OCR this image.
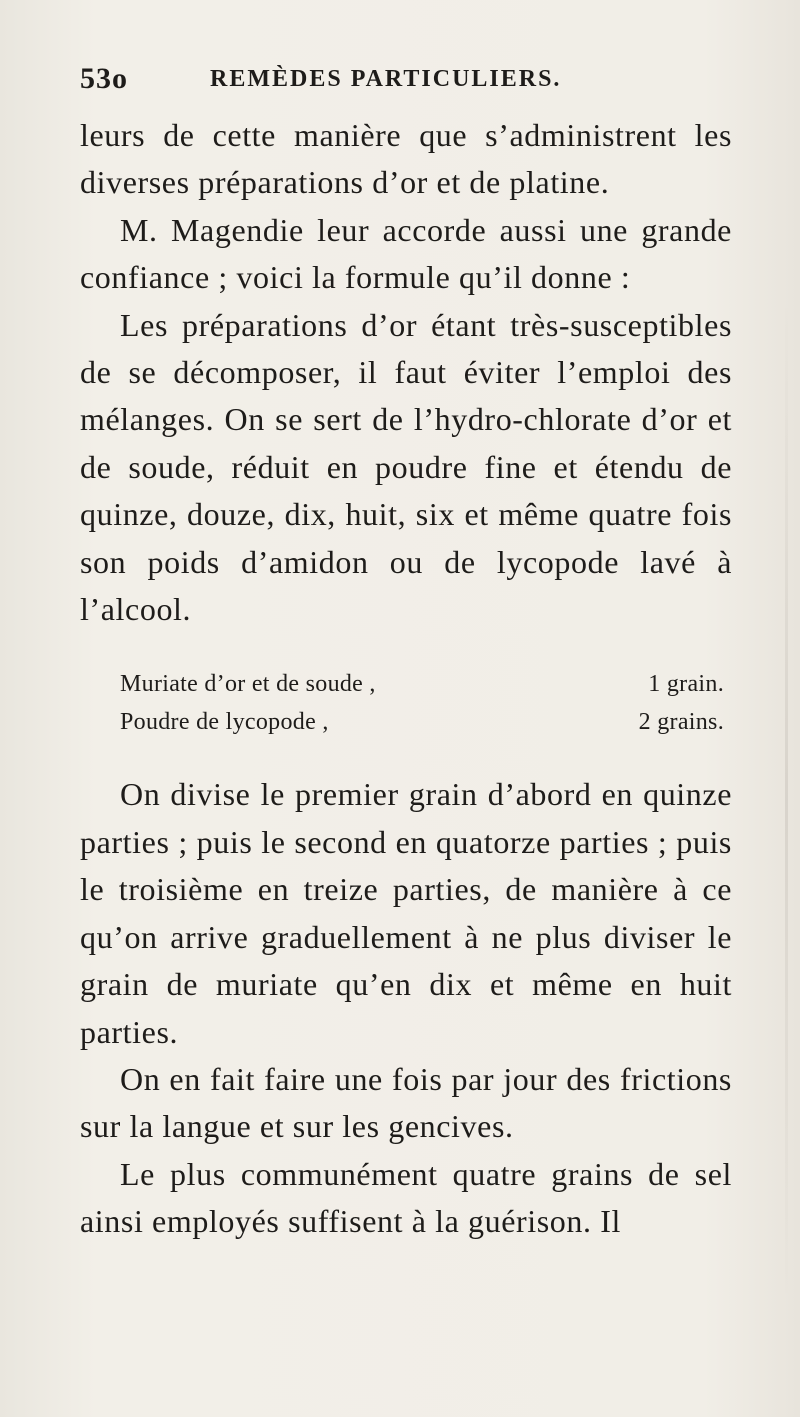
53o	REMÈDES PARTICULIERS.

leurs de cette manière que s’administrent les diverses préparations d’or et de platine.

M. Magendie leur accorde aussi une grande confiance ; voici la formule qu’il donne :

Les préparations d’or étant très-susceptibles de se décomposer, il faut éviter l’emploi des mélanges. On se sert de l’hydro-chlorate d’or et de soude, réduit en poudre fine et étendu de quinze, douze, dix, huit, six et même quatre fois son poids d’amidon ou de lycopode lavé à l’alcool.

Muriate d’or et de soude ,	1 grain.
Poudre de lycopode ,	2 grains.

On divise le premier grain d’abord en quinze parties ; puis le second en quatorze parties ; puis le troisième en treize parties, de manière à ce qu’on arrive graduellement à ne plus diviser le grain de muriate qu’en dix et même en huit parties.

On en fait faire une fois par jour des frictions sur la langue et sur les gencives.

Le plus communément quatre grains de sel ainsi employés suffisent à la guérison. Il
